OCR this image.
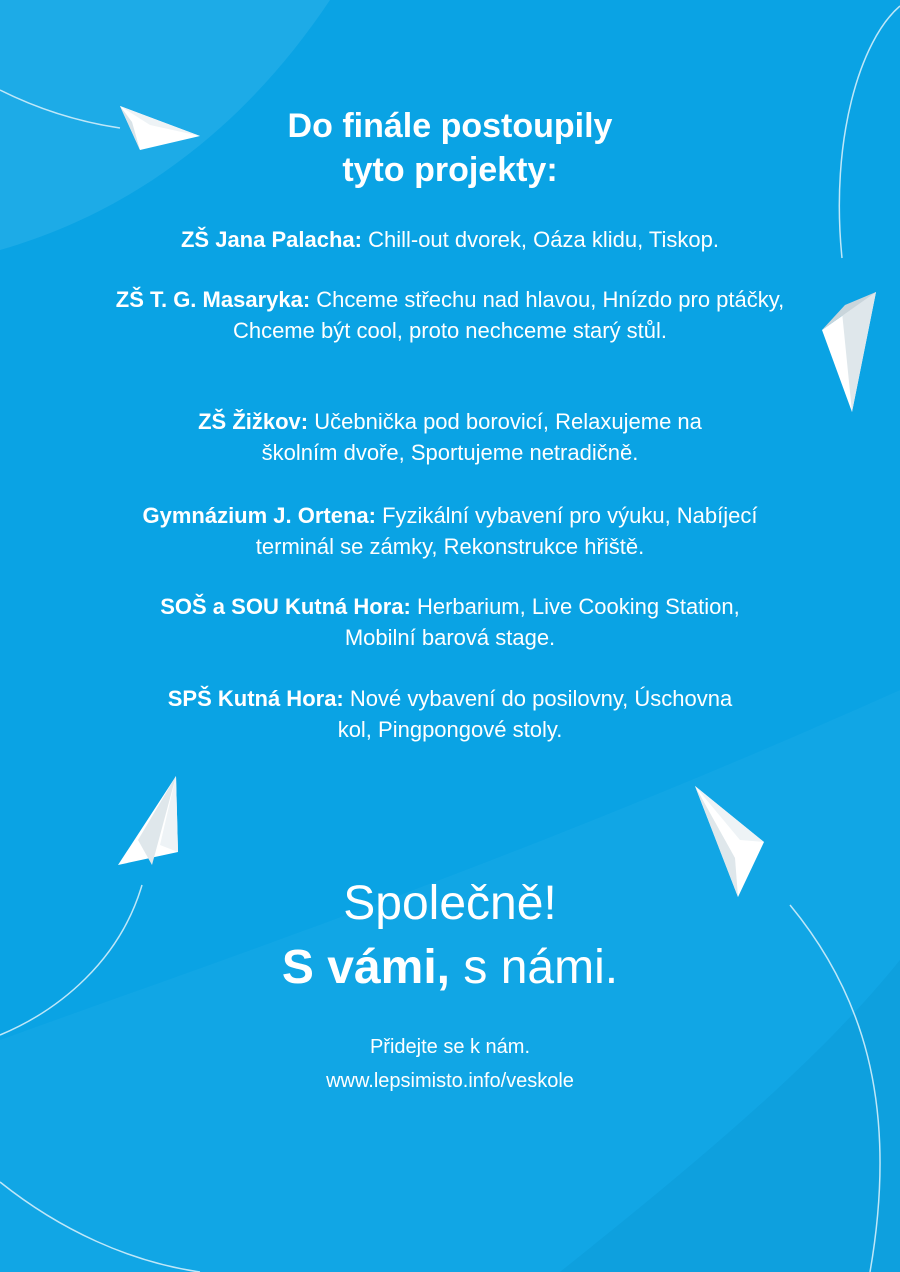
Do finále postoupily
tyto projekty:
ZŠ Jana Palacha: Chill-out dvorek, Oáza klidu, Tiskop.
ZŠ T. G. Masaryka: Chceme střechu nad hlavou, Hnízdo pro ptáčky, Chceme být cool, proto nechceme starý stůl.
ZŠ Žižkov: Učebnička pod borovicí, Relaxujeme na školním dvoře, Sportujeme netradičně.
Gymnázium J. Ortena: Fyzikální vybavení pro výuku, Nabíjecí terminál se zámky, Rekonstrukce hřiště.
SOŠ a SOU Kutná Hora: Herbarium, Live Cooking Station, Mobilní barová stage.
SPŠ Kutná Hora: Nové vybavení do posilovny, Úschovna kol, Pingpongové stoly.
Společně!
S vámi, s námi.
Přidejte se k nám.
www.lepsimisto.info/veskole
